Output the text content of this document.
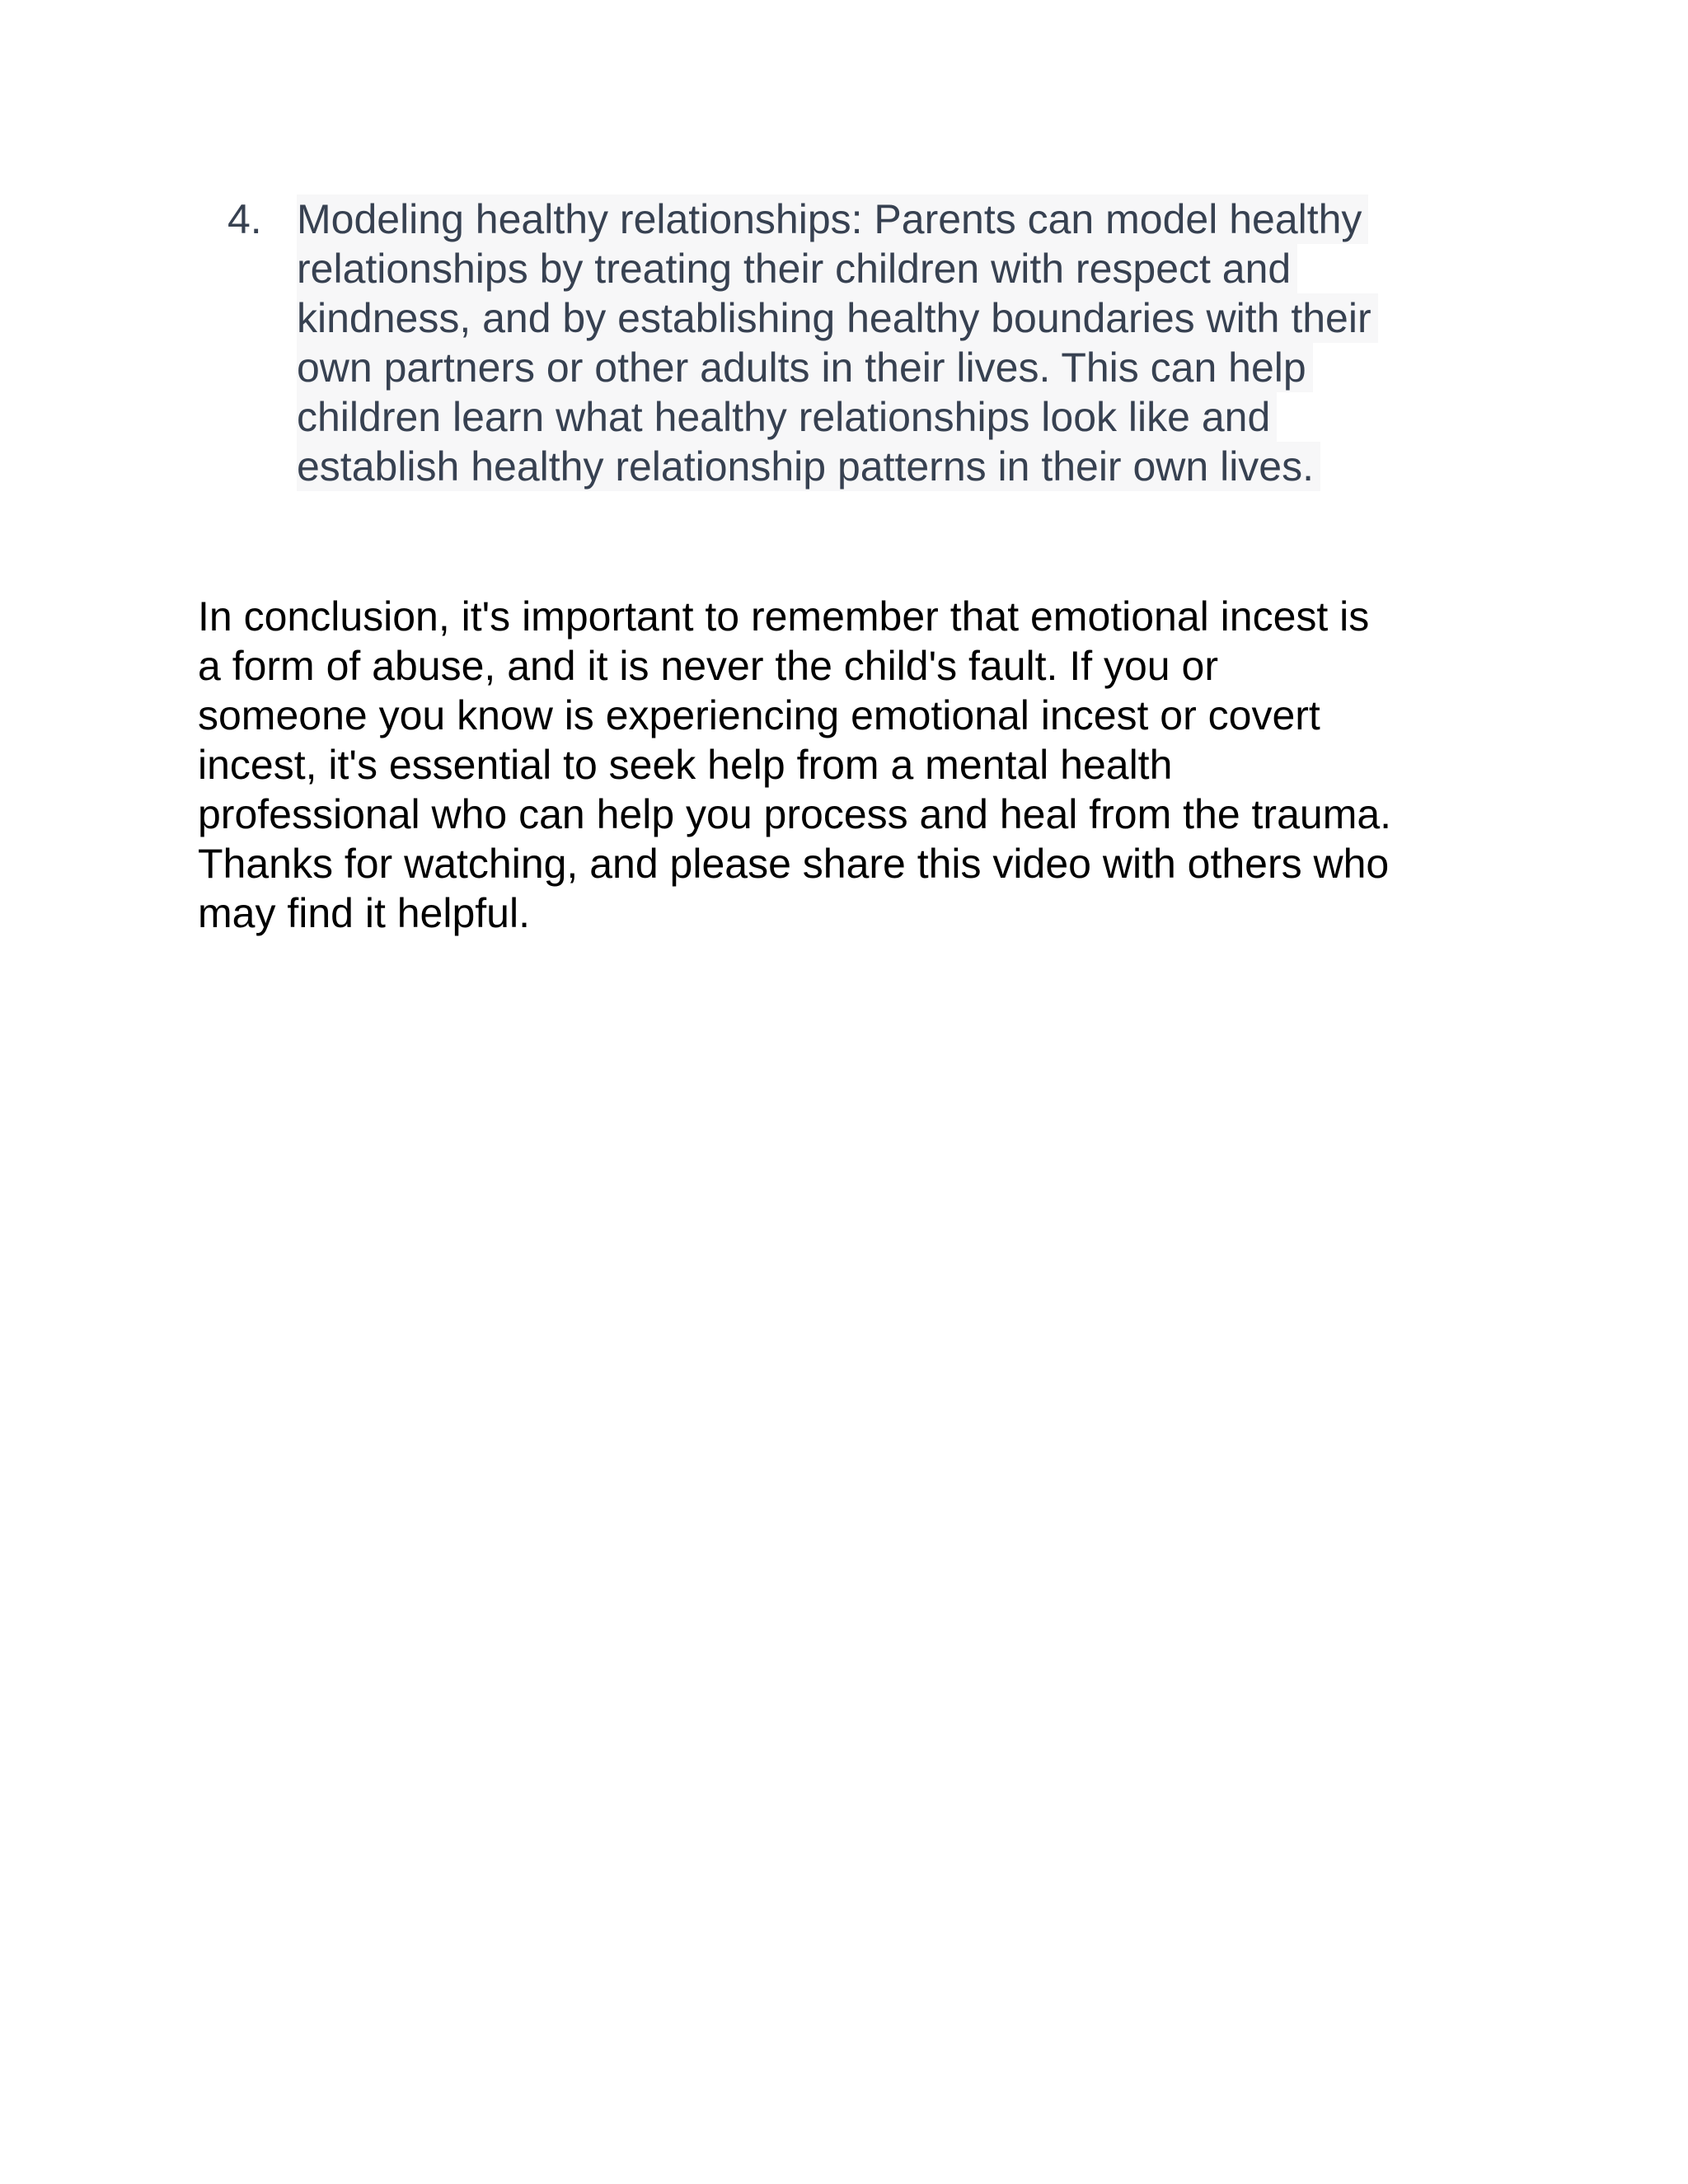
4. Modeling healthy relationships: Parents can model healthy
relationships by treating their children with respect and
kindness, and by establishing healthy boundaries with their
own partners or other adults in their lives. This can help
children learn what healthy relationships look like and
establish healthy relationship patterns in their own lives.
In conclusion, it's important to remember that emotional incest is
a form of abuse, and it is never the child's fault. If you or
someone you know is experiencing emotional incest or covert
incest, it's essential to seek help from a mental health
professional who can help you process and heal from the trauma.
Thanks for watching, and please share this video with others who
may find it helpful.
